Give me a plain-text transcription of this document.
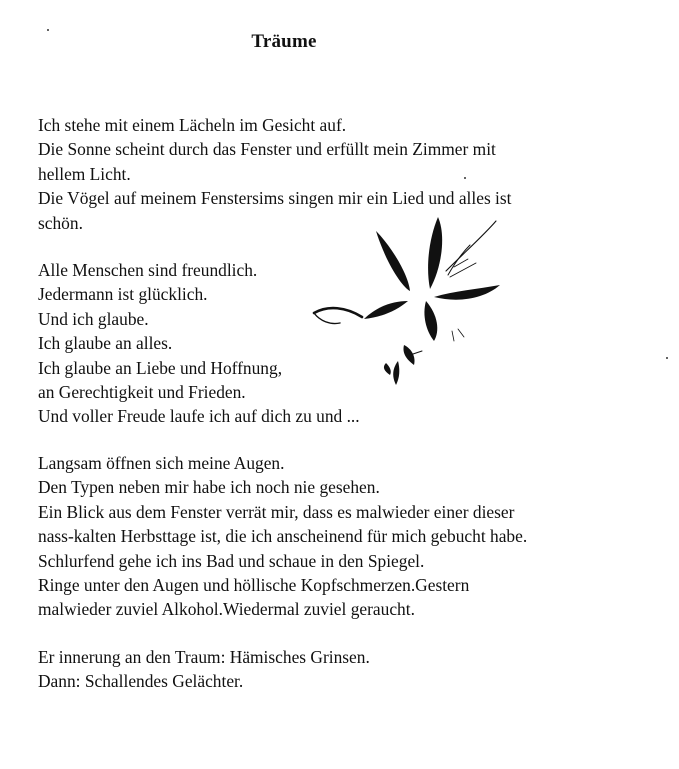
Träume
Ich stehe mit einem Lächeln im Gesicht auf.
Die Sonne scheint durch das Fenster und erfüllt mein Zimmer mit
hellem Licht.
Die Vögel auf meinem Fenstersims singen mir ein Lied und alles ist
schön.
Alle Menschen sind freundlich.
Jedermann ist glücklich.
Und ich glaube.
Ich glaube an alles.
Ich glaube an Liebe und Hoffnung,
an Gerechtigkeit und Frieden.
Und voller Freude laufe ich auf dich zu und ...
Langsam öffnen sich meine Augen.
Den Typen neben mir habe ich noch nie gesehen.
Ein Blick aus dem Fenster verrät mir, dass es malwieder einer dieser
nass-kalten Herbsttage ist, die ich anscheinend für mich gebucht habe.
Schlurfend gehe ich ins Bad und schaue in den Spiegel.
Ringe unter den Augen und höllische Kopfschmerzen.Gestern
malwieder zuviel Alkohol.Wiedermal zuviel geraucht.
Er innerung an den Traum: Hämisches Grinsen.
Dann: Schallendes Gelächter.
